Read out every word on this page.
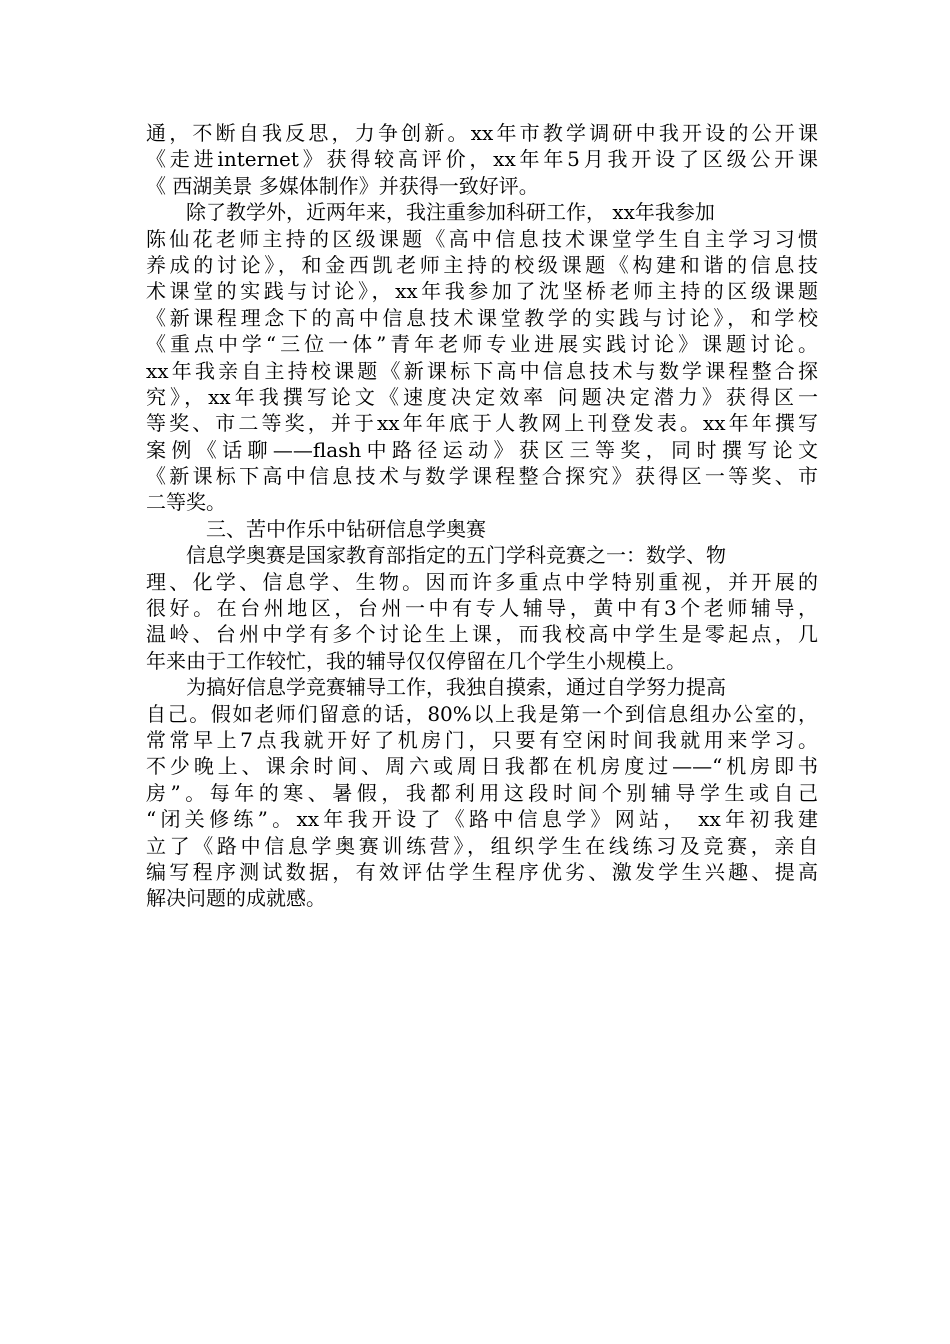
通，不断自我反思，力争创新。xx年市教学调研中我开设的公开课
《走进internet》获得较高评价，xx年年5月我开设了区级公开课
《 西湖美景 多媒体制作》并获得一致好评。
除了教学外，近两年来，我注重参加科研工作， xx年我参加
陈仙花老师主持的区级课题《高中信息技术课堂学生自主学习习惯
养成的讨论》，和金西凯老师主持的校级课题《构建和谐的信息技
术课堂的实践与讨论》，xx年我参加了沈坚桥老师主持的区级课题
《新课程理念下的高中信息技术课堂教学的实践与讨论》，和学校
《重点中学“三位一体”青年老师专业进展实践讨论》课题讨论。
xx年我亲自主持校课题《新课标下高中信息技术与数学课程整合探
究》，xx年我撰写论文《速度决定效率 问题决定潜力》获得区一
等奖、市二等奖，并于xx年年底于人教网上刊登发表。xx年年撰写
案例《话聊——flash中路径运动》获区三等奖，同时撰写论文
《新课标下高中信息技术与数学课程整合探究》获得区一等奖、市
二等奖。
三、苦中作乐中钻研信息学奥赛
信息学奥赛是国家教育部指定的五门学科竞赛之一：数学、物
理、化学、信息学、生物。因而许多重点中学特别重视，并开展的
很好。在台州地区，台州一中有专人辅导，黄中有3个老师辅导，
温岭、台州中学有多个讨论生上课，而我校高中学生是零起点，几
年来由于工作较忙，我的辅导仅仅停留在几个学生小规模上。
为搞好信息学竞赛辅导工作，我独自摸索，通过自学努力提高
自己。假如老师们留意的话，80%以上我是第一个到信息组办公室的，
常常早上7点我就开好了机房门，只要有空闲时间我就用来学习。
不少晚上、课余时间、周六或周日我都在机房度过——“机房即书
房”。每年的寒、暑假，我都利用这段时间个别辅导学生或自己
“闭关修练”。xx年我开设了《路中信息学》网站， xx年初我建
立了《路中信息学奥赛训练营》，组织学生在线练习及竞赛，亲自
编写程序测试数据，有效评估学生程序优劣、激发学生兴趣、提高
解决问题的成就感。
